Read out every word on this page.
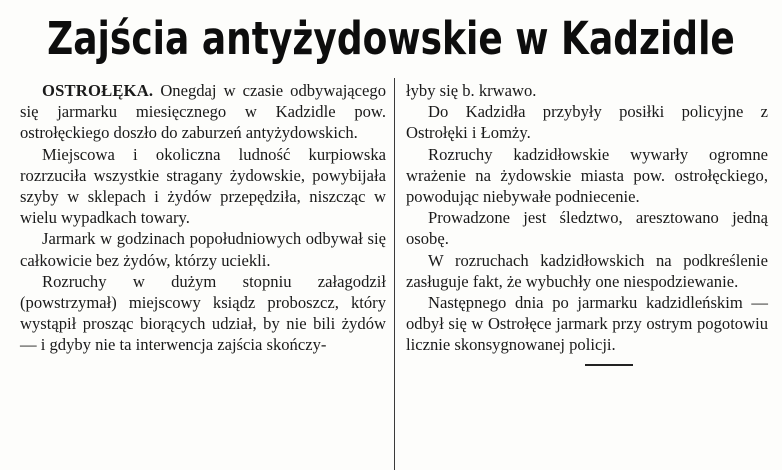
Zajścia antyżydowskie w Kadzidle

OSTROŁĘKA. Onegdaj w czasie odbywającego się jarmarku miesięcznego w Kadzidle pow. ostrołęckiego doszło do zaburzeń antyżydowskich.

Miejscowa i okoliczna ludność kurpiowska rozrzuciła wszystkie stragany żydowskie, powybijała szyby w sklepach i żydów przepędziła, niszcząc w wielu wypadkach towary.

Jarmark w godzinach popołudniowych odbywał się całkowicie bez żydów, którzy uciekli.

Rozruchy w dużym stopniu załagodził (powstrzymał) miejscowy ksiądz proboszcz, który wystąpił prosząc biorących udział, by nie bili żydów — i gdyby nie ta interwencja zajścia skończy-

łyby się b. krwawo.

Do Kadzidła przybyły posiłki policyjne z Ostrołęki i Łomży.

Rozruchy kadzidłowskie wywarły ogromne wrażenie na żydowskie miasta pow. ostrołęckiego, powodując niebywałe podniecenie.

Prowadzone jest śledztwo, aresztowano jedną osobę.

W rozruchach kadzidłowskich na podkreślenie zasługuje fakt, że wybuchły one niespodziewanie.

Następnego dnia po jarmarku kadzidleńskim — odbył się w Ostrołęce jarmark przy ostrym pogotowiu licznie skonsygnowanej policji.
